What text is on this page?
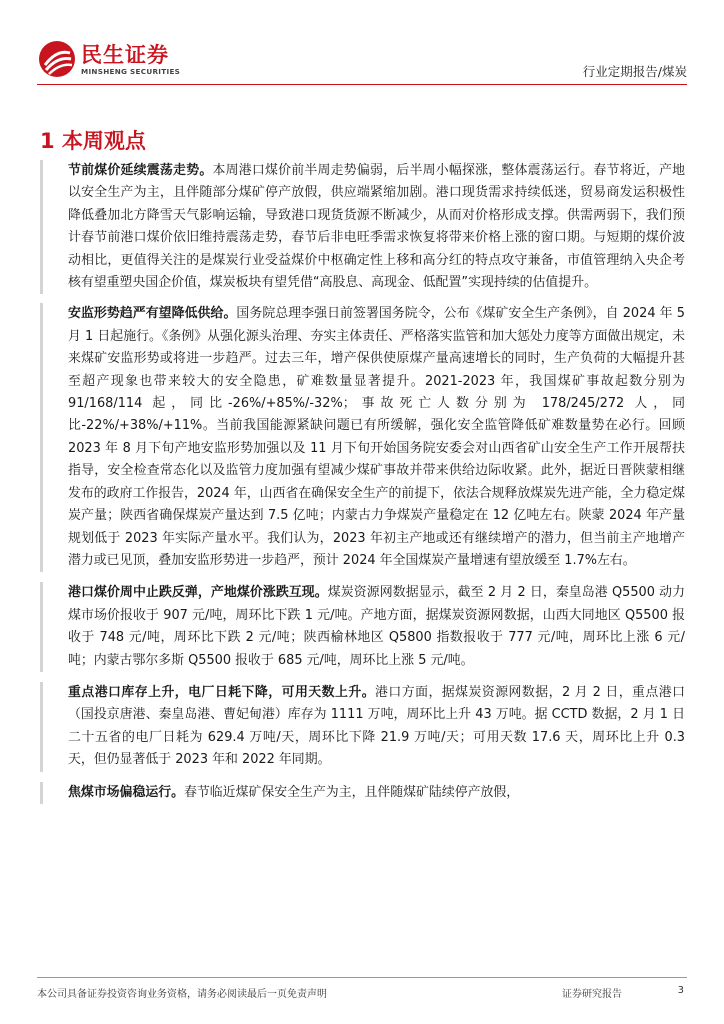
民生证券
MINSHENG SECURITIES	行业定期报告/煤炭
1 本周观点

节前煤价延续震荡走势。本周港口煤价前半周走势偏弱，后半周小幅探涨，整体震荡运行。春节将近，产地以安全生产为主，且伴随部分煤矿停产放假，供应端紧缩加剧。港口现货需求持续低迷，贸易商发运积极性降低叠加北方降雪天气影响运输，导致港口现货货源不断减少，从而对价格形成支撑。供需两弱下，我们预计春节前港口煤价依旧维持震荡走势，春节后非电旺季需求恢复将带来价格上涨的窗口期。与短期的煤价波动相比，更值得关注的是煤炭行业受益煤价中枢确定性上移和高分红的特点攻守兼备，市值管理纳入央企考核有望重塑央国企价值，煤炭板块有望凭借“高股息、高现金、低配置”实现持续的估值提升。

安监形势趋严有望降低供给。国务院总理李强日前签署国务院令，公布《煤矿安全生产条例》，自 2024 年 5 月 1 日起施行。《条例》从强化源头治理、夯实主体责任、严格落实监管和加大惩处力度等方面做出规定，未来煤矿安监形势或将进一步趋严。过去三年，增产保供使原煤产量高速增长的同时，生产负荷的大幅提升甚至超产现象也带来较大的安全隐患，矿难数量显著提升。2021-2023 年，我国煤矿事故起数分别为 91/168/114 起，同比-26%/+85%/-32%；事故死亡人数分别为 178/245/272 人，同比-22%/+38%/+11%。当前我国能源紧缺问题已有所缓解，强化安全监管降低矿难数量势在必行。回顾 2023 年 8 月下旬产地安监形势加强以及 11 月下旬开始国务院安委会对山西省矿山安全生产工作开展帮扶指导，安全检查常态化以及监管力度加强有望减少煤矿事故并带来供给边际收紧。此外，据近日晋陕蒙相继发布的政府工作报告，2024 年，山西省在确保安全生产的前提下，依法合规释放煤炭先进产能，全力稳定煤炭产量；陕西省确保煤炭产量达到 7.5 亿吨；内蒙古力争煤炭产量稳定在 12 亿吨左右。陕蒙 2024 年产量规划低于 2023 年实际产量水平。我们认为，2023 年初主产地或还有继续增产的潜力，但当前主产地增产潜力或已见顶，叠加安监形势进一步趋严，预计 2024 年全国煤炭产量增速有望放缓至 1.7%左右。

港口煤价周中止跌反弹，产地煤价涨跌互现。煤炭资源网数据显示，截至 2 月 2 日，秦皇岛港 Q5500 动力煤市场价报收于 907 元/吨，周环比下跌 1 元/吨。产地方面，据煤炭资源网数据，山西大同地区 Q5500 报收于 748 元/吨，周环比下跌 2 元/吨；陕西榆林地区 Q5800 指数报收于 777 元/吨，周环比上涨 6 元/吨；内蒙古鄂尔多斯 Q5500 报收于 685 元/吨，周环比上涨 5 元/吨。

重点港口库存上升，电厂日耗下降，可用天数上升。港口方面，据煤炭资源网数据，2 月 2 日，重点港口（国投京唐港、秦皇岛港、曹妃甸港）库存为 1111 万吨，周环比上升 43 万吨。据 CCTD 数据，2 月 1 日二十五省的电厂日耗为 629.4 万吨/天，周环比下降 21.9 万吨/天；可用天数 17.6 天，周环比上升 0.3 天，但仍显著低于 2023 年和 2022 年同期。

焦煤市场偏稳运行。春节临近煤矿保安全生产为主，且伴随煤矿陆续停产放假，

本公司具备证券投资咨询业务资格，请务必阅读最后一页免责声明	证券研究报告	3
